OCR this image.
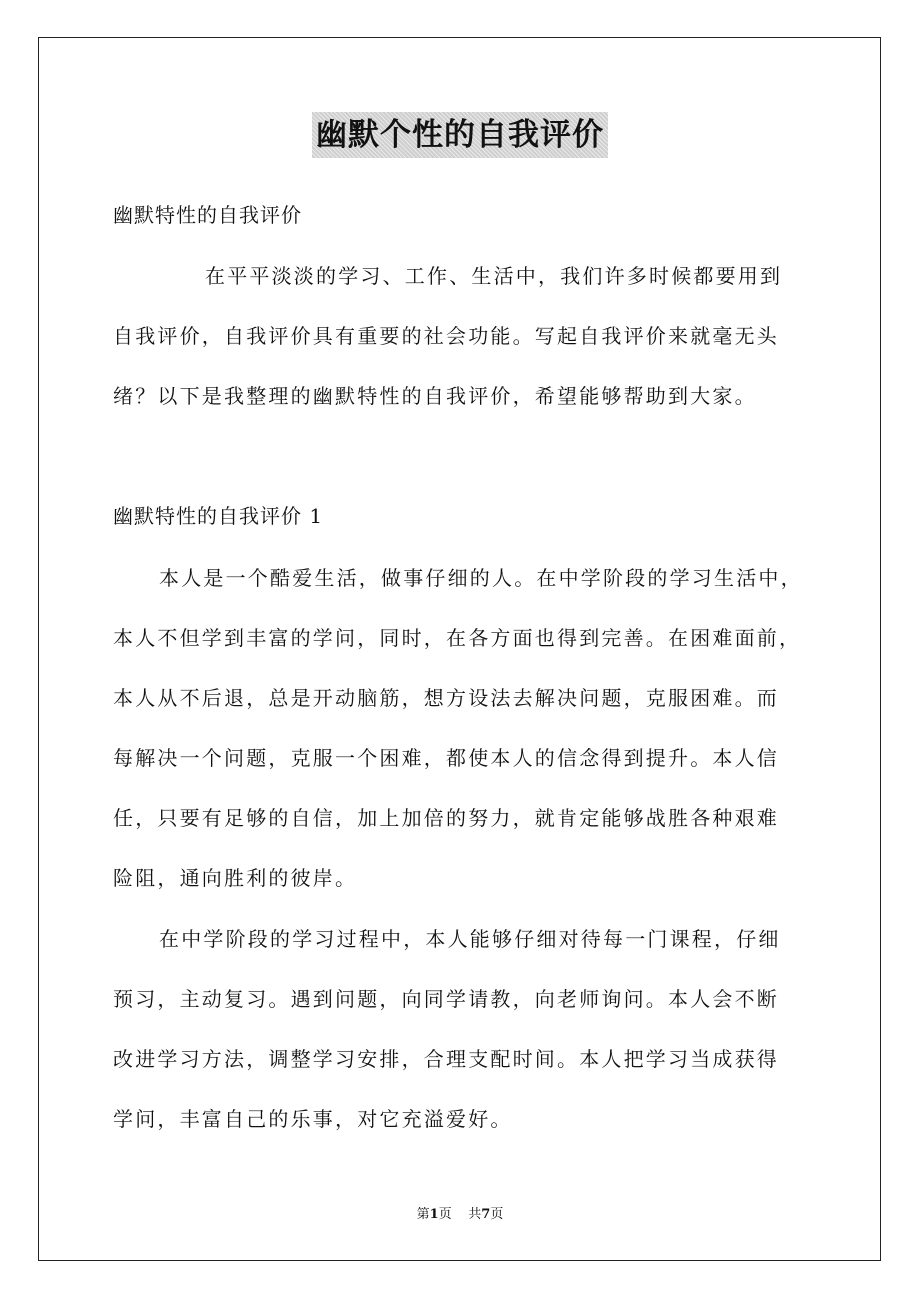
幽默个性的自我评价
幽默特性的自我评价

在平平淡淡的学习、工作、生活中，我们许多时候都要用到
自我评价，自我评价具有重要的社会功能。写起自我评价来就毫无头
绪？以下是我整理的幽默特性的自我评价，希望能够帮助到大家。

幽默特性的自我评价 1

本人是一个酷爱生活，做事仔细的人。在中学阶段的学习生活中，
本人不但学到丰富的学问，同时，在各方面也得到完善。在困难面前，
本人从不后退，总是开动脑筋，想方设法去解决问题，克服困难。而
每解决一个问题，克服一个困难，都使本人的信念得到提升。本人信
任，只要有足够的自信，加上加倍的努力，就肯定能够战胜各种艰难
险阻，通向胜利的彼岸。

在中学阶段的学习过程中，本人能够仔细对待每一门课程，仔细
预习，主动复习。遇到问题，向同学请教，向老师询问。本人会不断
改进学习方法，调整学习安排，合理支配时间。本人把学习当成获得
学问，丰富自己的乐事，对它充溢爱好。

第1页 共7页
